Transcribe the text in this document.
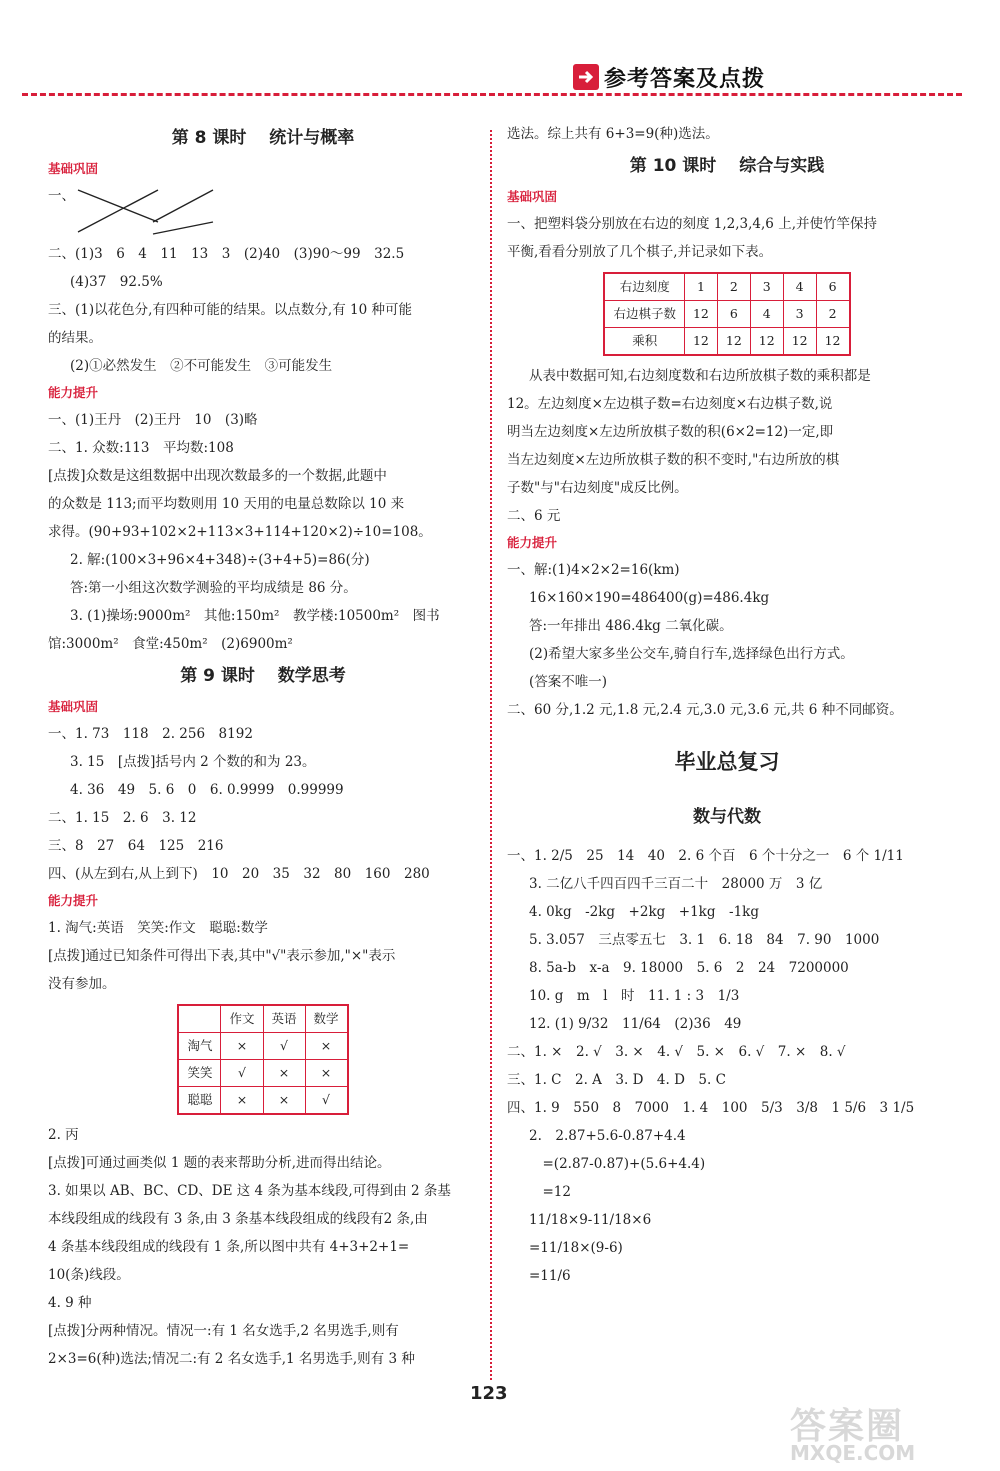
参考答案及点拨
第 8 课时　 统计与概率
基础巩固
一、
二、(1)3　6　4　11　13　3　(2)40　(3)90～99　32.5
(4)37　92.5%
三、(1)以花色分,有四种可能的结果。以点数分,有 10 种可能
的结果。
(2)①必然发生　②不可能发生　③可能发生
能力提升
一、(1)王丹　(2)王丹　10　(3)略
二、1. 众数:113　平均数:108
[点拨]众数是这组数据中出现次数最多的一个数据,此题中
的众数是 113;而平均数则用 10 天用的电量总数除以 10 来
求得。(90+93+102×2+113×3+114+120×2)÷10=108。
2. 解:(100×3+96×4+348)÷(3+4+5)=86(分)
答:第一小组这次数学测验的平均成绩是 86 分。
3. (1)操场:9000m²　其他:150m²　教学楼:10500m²　图书
馆:3000m²　食堂:450m²　(2)6900m²
第 9 课时　 数学思考
基础巩固
一、1. 73　118　2. 256　8192
3. 15　[点拨]括号内 2 个数的和为 23。
4. 36　49　5. 6　0　6. 0.9999　0.99999
二、1. 15　2. 6　3. 12
三、8　27　64　125　216
四、(从左到右,从上到下)　10　20　35　32　80　160　280
能力提升
1. 淘气:英语　笑笑:作文　聪聪:数学
[点拨]通过已知条件可得出下表,其中"√"表示参加,"×"表示
没有参加。
	作文	英语	数学
淘气	×	√	×
笑笑	√	×	×
聪聪	×	×	√
2. 丙
[点拨]可通过画类似 1 题的表来帮助分析,进而得出结论。
3. 如果以 AB、BC、CD、DE 这 4 条为基本线段,可得到由 2 条基
本线段组成的线段有 3 条,由 3 条基本线段组成的线段有2 条,由
4 条基本线段组成的线段有 1 条,所以图中共有 4+3+2+1=
10(条)线段。
4. 9 种
[点拨]分两种情况。情况一:有 1 名女选手,2 名男选手,则有
2×3=6(种)选法;情况二:有 2 名女选手,1 名男选手,则有 3 种
选法。综上共有 6+3=9(种)选法。
第 10 课时　 综合与实践
基础巩固
一、把塑料袋分别放在右边的刻度 1,2,3,4,6 上,并使竹竿保持
平衡,看看分别放了几个棋子,并记录如下表。
右边刻度	1	2	3	4	6
右边棋子数	12	6	4	3	2
乘积	12	12	12	12	12
从表中数据可知,右边刻度数和右边所放棋子数的乘积都是
12。左边刻度×左边棋子数=右边刻度×右边棋子数,说
明当左边刻度×左边所放棋子数的积(6×2=12)一定,即
当左边刻度×左边所放棋子数的积不变时,"右边所放的棋
子数"与"右边刻度"成反比例。
二、6 元
能力提升
一、解:(1)4×2×2=16(km)
16×160×190=486400(g)=486.4kg
答:一年排出 486.4kg 二氧化碳。
(2)希望大家多坐公交车,骑自行车,选择绿色出行方式。
(答案不唯一)
二、60 分,1.2 元,1.8 元,2.4 元,3.0 元,3.6 元,共 6 种不同邮资。
毕业总复习
数与代数
一、1. 2/5　25　14　40　2. 6 个百　6 个十分之一　6 个 1/11
3. 二亿八千四百四千三百二十　28000 万　3 亿
4. 0kg　-2kg　+2kg　+1kg　-1kg
5. 3.057　三点零五七　3. 1　6. 18　84　7. 90　1000
8. 5a-b　x-a　9. 18000　5. 6　2　24　7200000
10. g　m　l　时　11. 1 : 3　1/3
12. (1) 9/32　11/64　(2)36　49
二、1. ×　2. √　3. ×　4. √　5. ×　6. √　7. ×　8. √
三、1. C　2. A　3. D　4. D　5. C
四、1. 9　550　8　7000　1. 4　100　5/3　3/8　1 5/6　3 1/5
2.　2.87+5.6-0.87+4.4
　=(2.87-0.87)+(5.6+4.4)
　=12
11/18×9-11/18×6
=11/18×(9-6)
=11/6
123
答案圈
MXQE.COM
